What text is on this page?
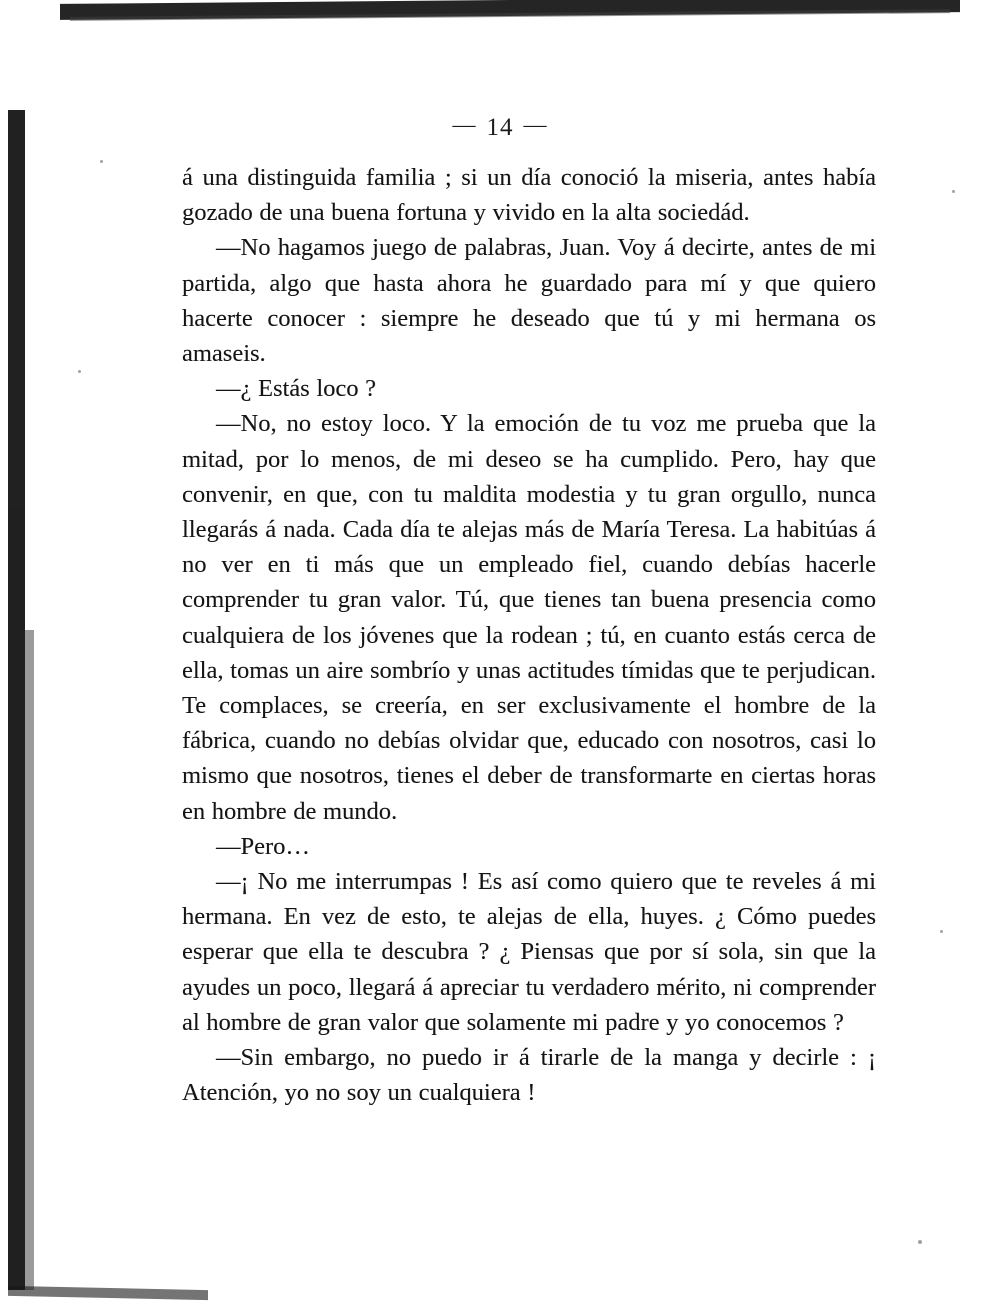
— 14 —

á una distinguida familia ; si un día conoció la miseria, antes había gozado de una buena fortuna y vivido en la alta sociedád.

—No hagamos juego de palabras, Juan. Voy á decirte, antes de mi partida, algo que hasta ahora he guardado para mí y que quiero hacerte conocer : siempre he deseado que tú y mi hermana os amaseis.

—¿ Estás loco ?

—No, no estoy loco. Y la emoción de tu voz me prueba que la mitad, por lo menos, de mi deseo se ha cumplido. Pero, hay que convenir, en que, con tu maldita modestia y tu gran orgullo, nunca llegarás á nada. Cada día te alejas más de María Teresa. La habitúas á no ver en ti más que un empleado fiel, cuando debías hacerle comprender tu gran valor. Tú, que tienes tan buena presencia como cualquiera de los jóvenes que la rodean ; tú, en cuanto estás cerca de ella, tomas un aire sombrío y unas actitudes tímidas que te perjudican. Te complaces, se creería, en ser exclusivamente el hombre de la fábrica, cuando no debías olvidar que, educado con nosotros, casi lo mismo que nosotros, tienes el deber de transformarte en ciertas horas en hombre de mundo.

—Pero…

—¡ No me interrumpas ! Es así como quiero que te reveles á mi hermana. En vez de esto, te alejas de ella, huyes. ¿ Cómo puedes esperar que ella te descubra ? ¿ Piensas que por sí sola, sin que la ayudes un poco, llegará á apreciar tu verdadero mérito, ni comprender al hombre de gran valor que solamente mi padre y yo conocemos ?

—Sin embargo, no puedo ir á tirarle de la manga y decirle : ¡ Atención, yo no soy un cualquiera !
